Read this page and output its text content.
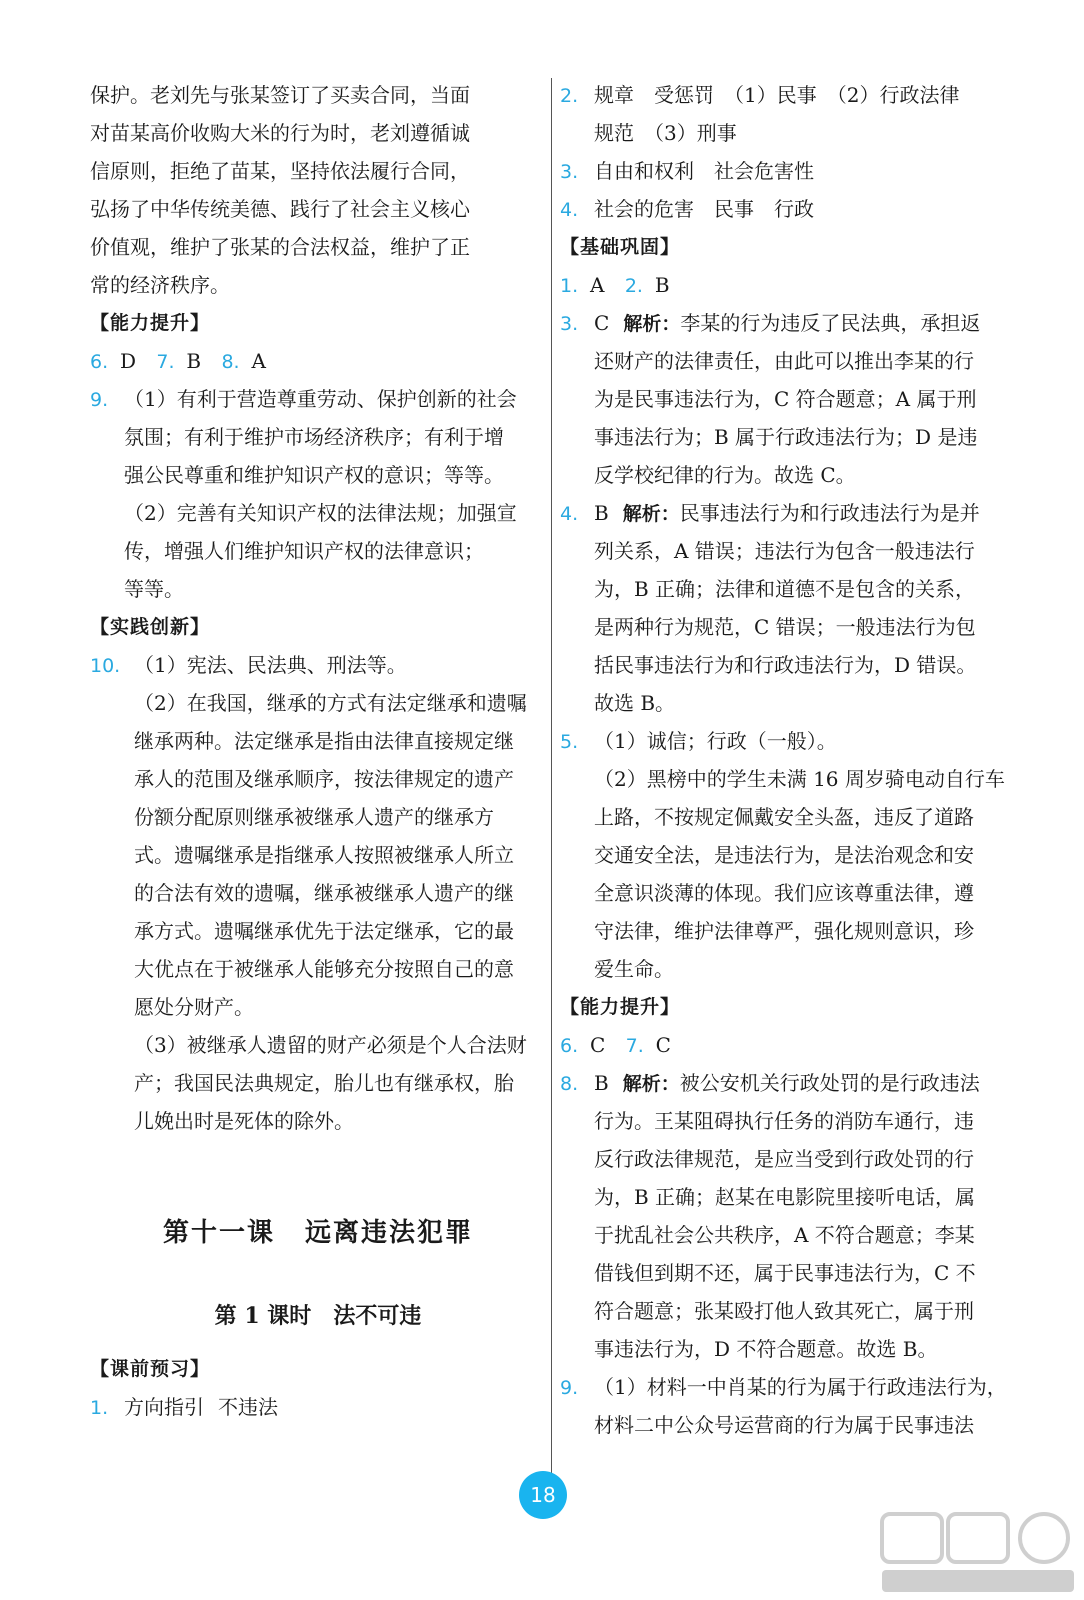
保护。老刘先与张某签订了买卖合同，当面
对苗某高价收购大米的行为时，老刘遵循诚
信原则，拒绝了苗某，坚持依法履行合同，
弘扬了中华传统美德、践行了社会主义核心
价值观，维护了张某的合法权益，维护了正
常的经济秩序。
【能力提升】
6. D 7. B 8. A
9. （1）有利于营造尊重劳动、保护创新的社会
氛围；有利于维护市场经济秩序；有利于增
强公民尊重和维护知识产权的意识；等等。
（2）完善有关知识产权的法律法规；加强宣
传，增强人们维护知识产权的法律意识；
等等。
【实践创新】
10. （1）宪法、民法典、刑法等。
（2）在我国，继承的方式有法定继承和遗嘱
继承两种。法定继承是指由法律直接规定继
承人的范围及继承顺序，按法律规定的遗产
份额分配原则继承被继承人遗产的继承方
式。遗嘱继承是指继承人按照被继承人所立
的合法有效的遗嘱，继承被继承人遗产的继
承方式。遗嘱继承优先于法定继承，它的最
大优点在于被继承人能够充分按照自己的意
愿处分财产。
（3）被继承人遗留的财产必须是个人合法财
产；我国民法典规定，胎儿也有继承权，胎
儿娩出时是死体的除外。
第十一课 远离违法犯罪
第 1 课时 法不可违
【课前预习】
1. 方向指引 不违法
2. 规章　受惩罚　（1）民事　（2）行政法律
规范　（3）刑事
3. 自由和权利　社会危害性
4. 社会的危害　民事　行政
【基础巩固】
1. A 2. B
3. C 解析：李某的行为违反了民法典，承担返
还财产的法律责任，由此可以推出李某的行
为是民事违法行为，C 符合题意；A 属于刑
事违法行为；B 属于行政违法行为；D 是违
反学校纪律的行为。故选 C。
4. B 解析：民事违法行为和行政违法行为是并
列关系，A 错误；违法行为包含一般违法行
为，B 正确；法律和道德不是包含的关系，
是两种行为规范，C 错误；一般违法行为包
括民事违法行为和行政违法行为，D 错误。
故选 B。
5. （1）诚信；行政（一般）。
（2）黑榜中的学生未满 16 周岁骑电动自行车
上路，不按规定佩戴安全头盔，违反了道路
交通安全法，是违法行为，是法治观念和安
全意识淡薄的体现。我们应该尊重法律，遵
守法律，维护法律尊严，强化规则意识，珍
爱生命。
【能力提升】
6. C 7. C
8. B 解析：被公安机关行政处罚的是行政违法
行为。王某阻碍执行任务的消防车通行，违
反行政法律规范，是应当受到行政处罚的行
为，B 正确；赵某在电影院里接听电话，属
于扰乱社会公共秩序，A 不符合题意；李某
借钱但到期不还，属于民事违法行为，C 不
符合题意；张某殴打他人致其死亡，属于刑
事违法行为，D 不符合题意。故选 B。
9. （1）材料一中肖某的行为属于行政违法行为，
材料二中公众号运营商的行为属于民事违法
18
